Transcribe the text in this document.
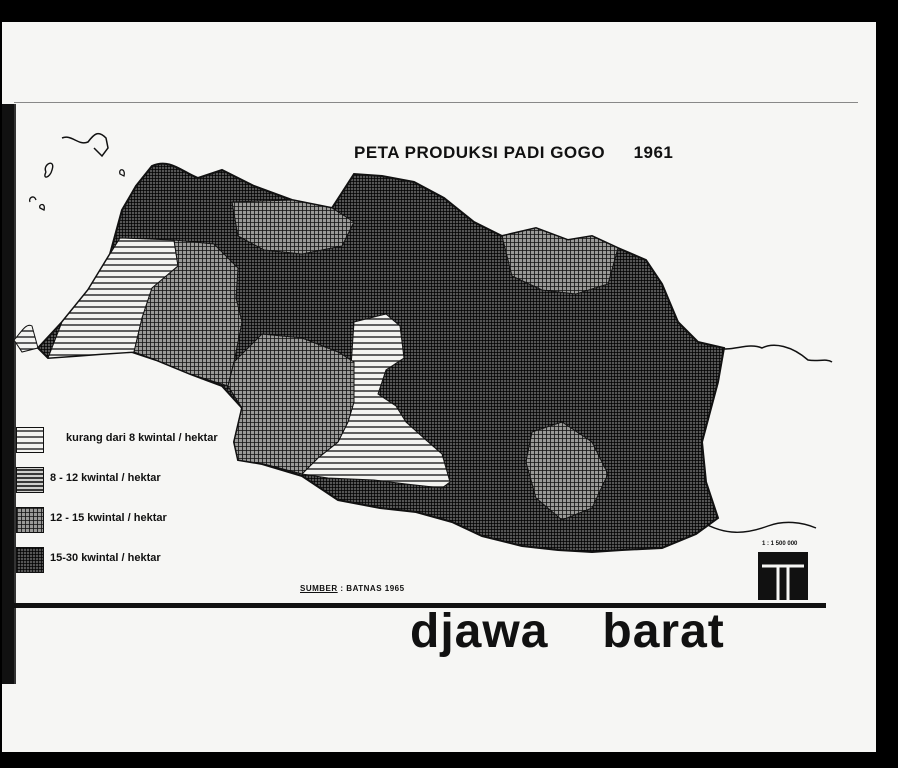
PETA PRODUKSI PADI GOGO 1961
kurang dari 8 kwintal / hektar
8 - 12 kwintal / hektar
12 - 15 kwintal / hektar
15-30 kwintal / hektar
SUMBER : BATNAS 1965
1 : 1 500 000
djawa barat
